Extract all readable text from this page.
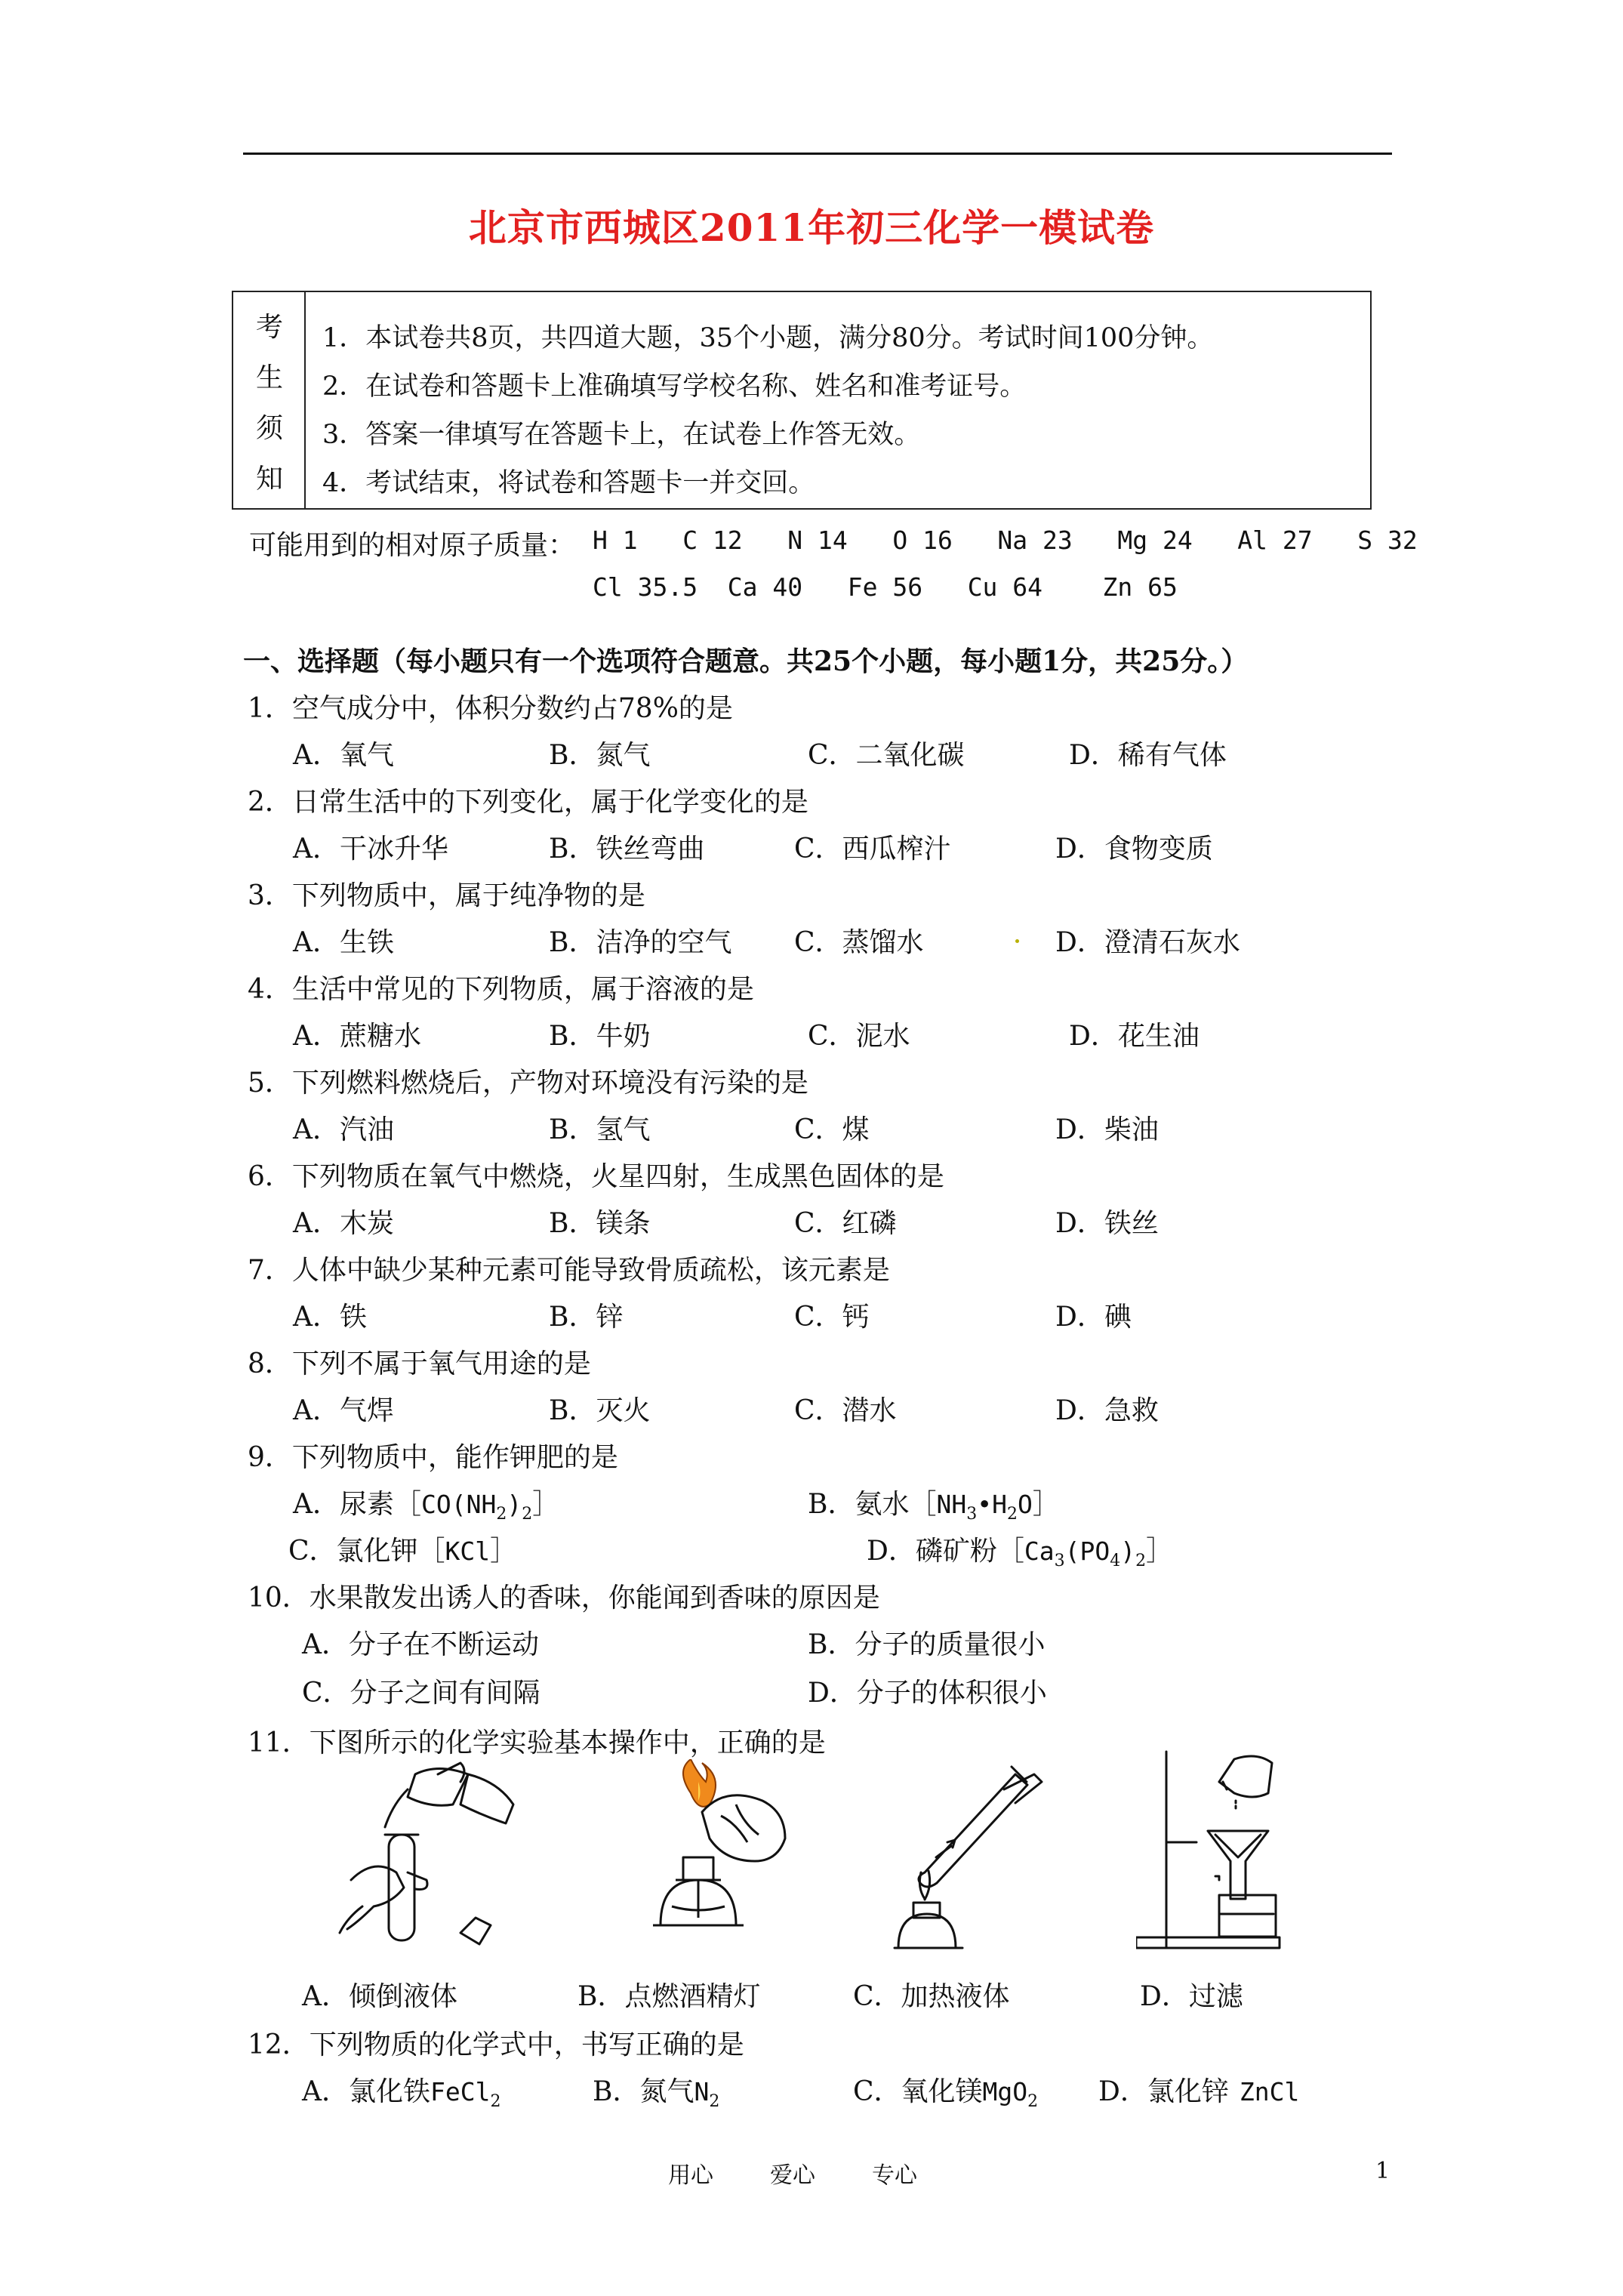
北京市西城区2011年初三化学一模试卷
考
生
须
知
1．本试卷共8页，共四道大题，35个小题，满分80分。考试时间100分钟。
2．在试卷和答题卡上准确填写学校名称、姓名和准考证号。
3．答案一律填写在答题卡上，在试卷上作答无效。
4．考试结束，将试卷和答题卡一并交回。
可能用到的相对原子质量： H 1   C 12   N 14   O 16   Na 23   Mg 24   Al 27   S 32
Cl 35.5  Ca 40   Fe 56   Cu 64    Zn 65
一、选择题（每小题只有一个选项符合题意。共25个小题，每小题1分，共25分。）
1．空气成分中，体积分数约占78%的是
A．氧气	B．氮气	C．二氧化碳	D．稀有气体
2．日常生活中的下列变化，属于化学变化的是
A．干冰升华	B．铁丝弯曲	C．西瓜榨汁	D．食物变质
3．下列物质中，属于纯净物的是
A．生铁	B．洁净的空气 C．蒸馏水	D．澄清石灰水
4．生活中常见的下列物质，属于溶液的是
A．蔗糖水	B．牛奶	C．泥水	D．花生油
5．下列燃料燃烧后，产物对环境没有污染的是
A．汽油	B．氢气	C．煤	D．柴油
6．下列物质在氧气中燃烧，火星四射，生成黑色固体的是
A．木炭	B．镁条	C．红磷	D．铁丝
7．人体中缺少某种元素可能导致骨质疏松，该元素是
A．铁	B．锌	C．钙	D．碘
8．下列不属于氧气用途的是
A．气焊	B．灭火	C．潜水	D．急救
9．下列物质中，能作钾肥的是
A．尿素$[CO(NH_2)_2]$	B．氨水$[NH_3•H_2O]$
C．氯化钾［KCl］	D．磷矿粉$[Ca_3(PO_4)_2]$
10．水果散发出诱人的香味，你能闻到香味的原因是
A．分子在不断运动	B．分子的质量很小
C．分子之间有间隔	D．分子的体积很小
11．下图所示的化学实验基本操作中，正确的是
A．倾倒液体	B．点燃酒精灯	C．加热液体	D．过滤
12．下列物质的化学式中，书写正确的是
A．氯化铁FeCl$_2$	B．氮气$N_2$	C．氧化镁MgO$_2$ D．氯化锌 ZnCl
用心	爱心	专心	1
